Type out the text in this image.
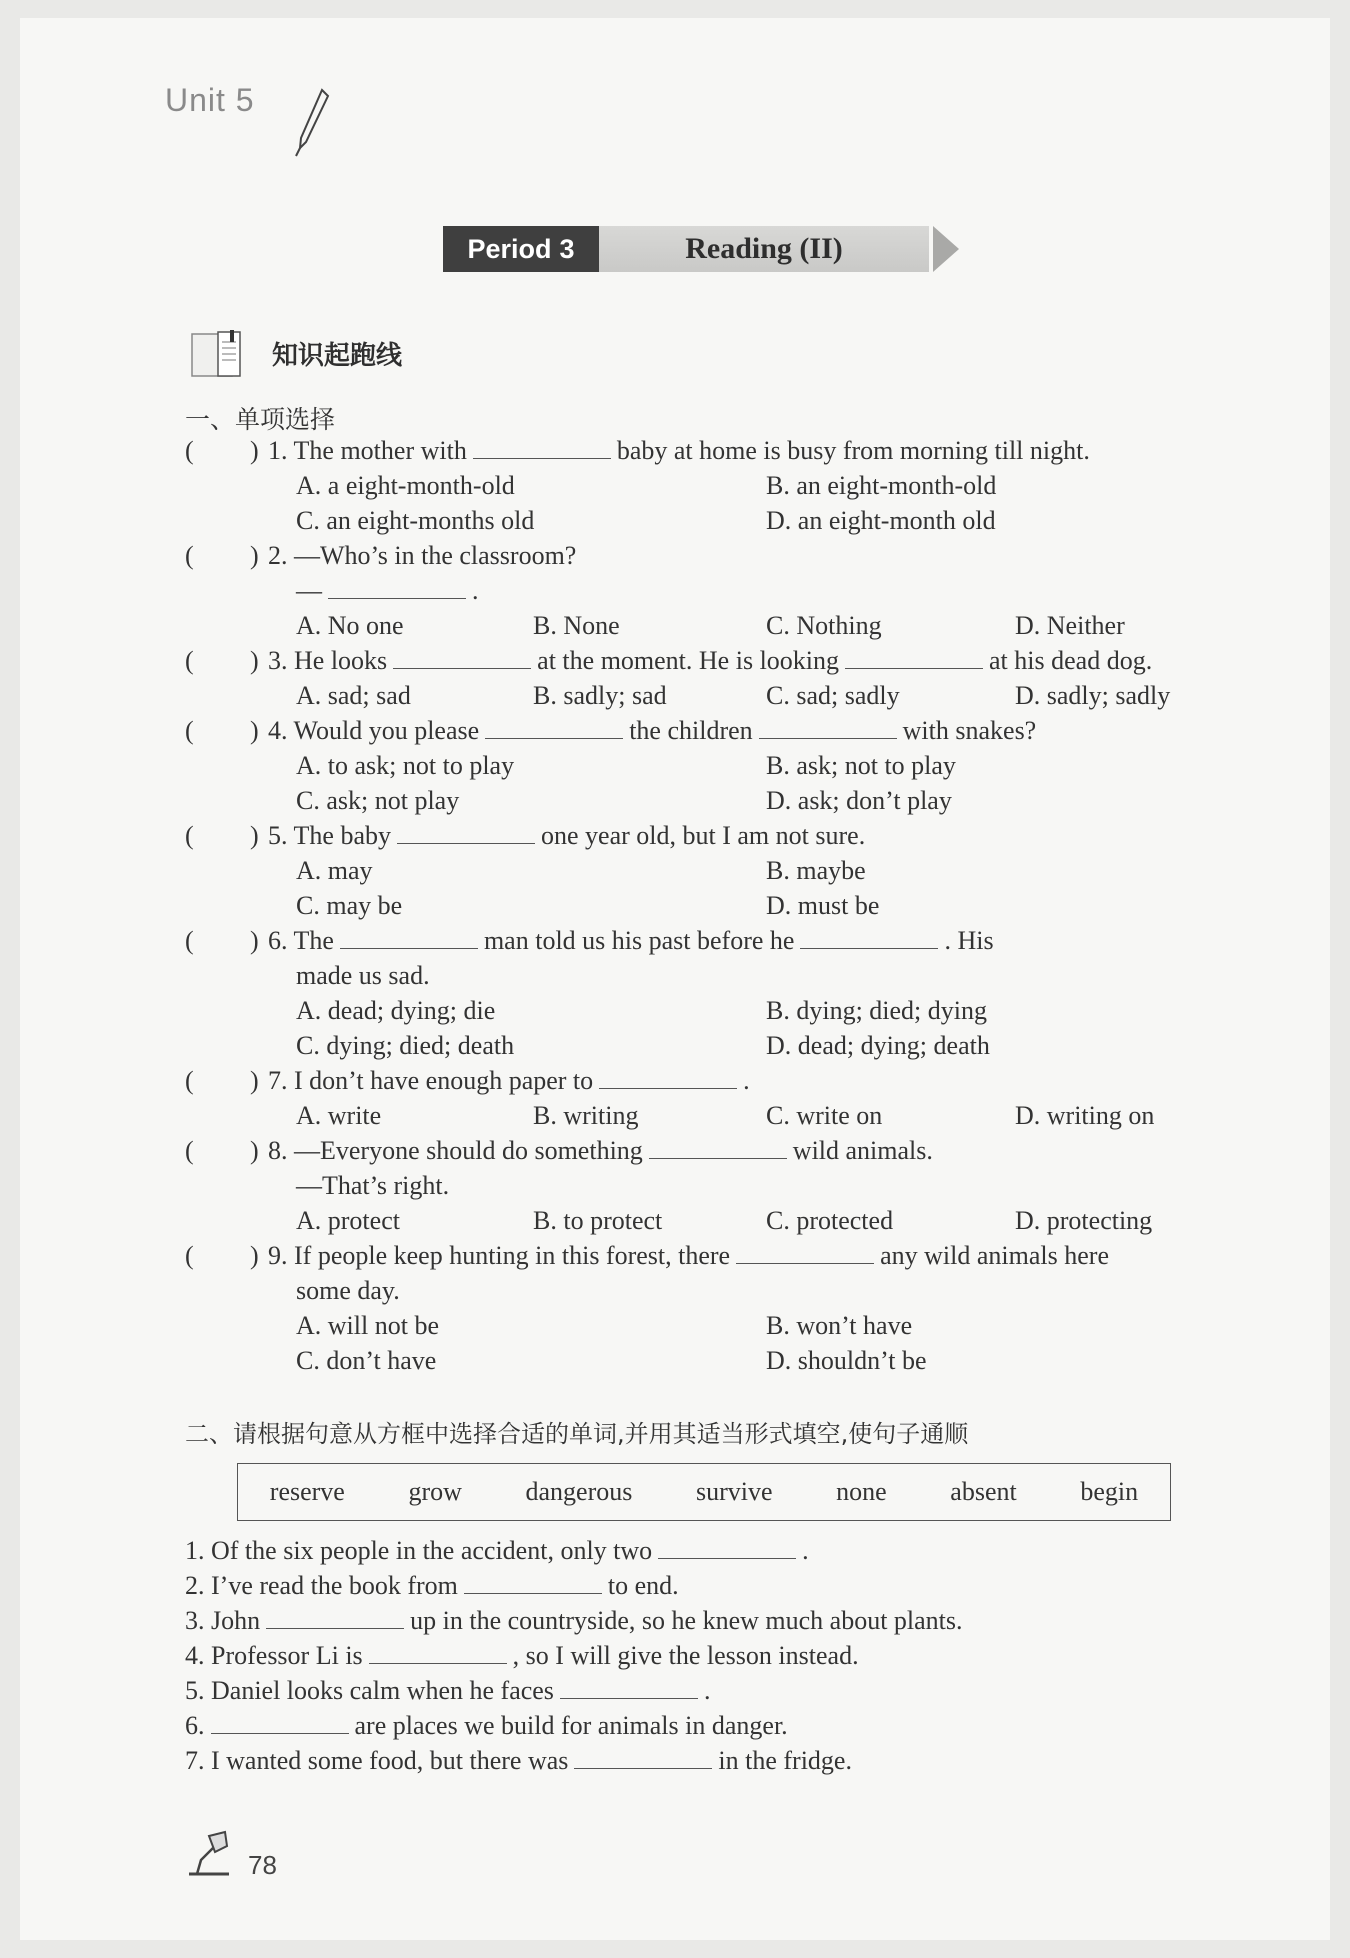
Unit 5
Period 3	Reading (II)
知识起跑线
一、单项选择
( ) 1. The mother with	baby at home is busy from morning till night.
A. a eight-month-old	B. an eight-month-old
C. an eight-months old	D. an eight-month old
( ) 2. —Who’s in the classroom?
—	.
A. No one	B. None	C. Nothing	D. Neither
( ) 3. He looks	at the moment. He is looking	at his dead dog.
A. sad; sad	B. sadly; sad	C. sad; sadly	D. sadly; sadly
( ) 4. Would you please	the children	with snakes?
A. to ask; not to play	B. ask; not to play
C. ask; not play	D. ask; don’t play
( ) 5. The baby	one year old, but I am not sure.
A. may	B. maybe
C. may be	D. must be
( ) 6. The	man told us his past before he	. His
made us sad.
A. dead; dying; die	B. dying; died; dying
C. dying; died; death	D. dead; dying; death
( ) 7. I don’t have enough paper to	.
A. write	B. writing	C. write on	D. writing on
( ) 8. —Everyone should do something	wild animals.
—That’s right.
A. protect	B. to protect	C. protected	D. protecting
( ) 9. If people keep hunting in this forest, there	any wild animals here
some day.
A. will not be	B. won’t have
C. don’t have	D. shouldn’t be
二、请根据句意从方框中选择合适的单词,并用其适当形式填空,使句子通顺
reserve grow dangerous survive none absent begin
1. Of the six people in the accident, only two	.
2. I’ve read the book from	to end.
3. John	up in the countryside, so he knew much about plants.
4. Professor Li is	, so I will give the lesson instead.
5. Daniel looks calm when he faces	.
6.	are places we build for animals in danger.
7. I wanted some food, but there was	in the fridge.
78
